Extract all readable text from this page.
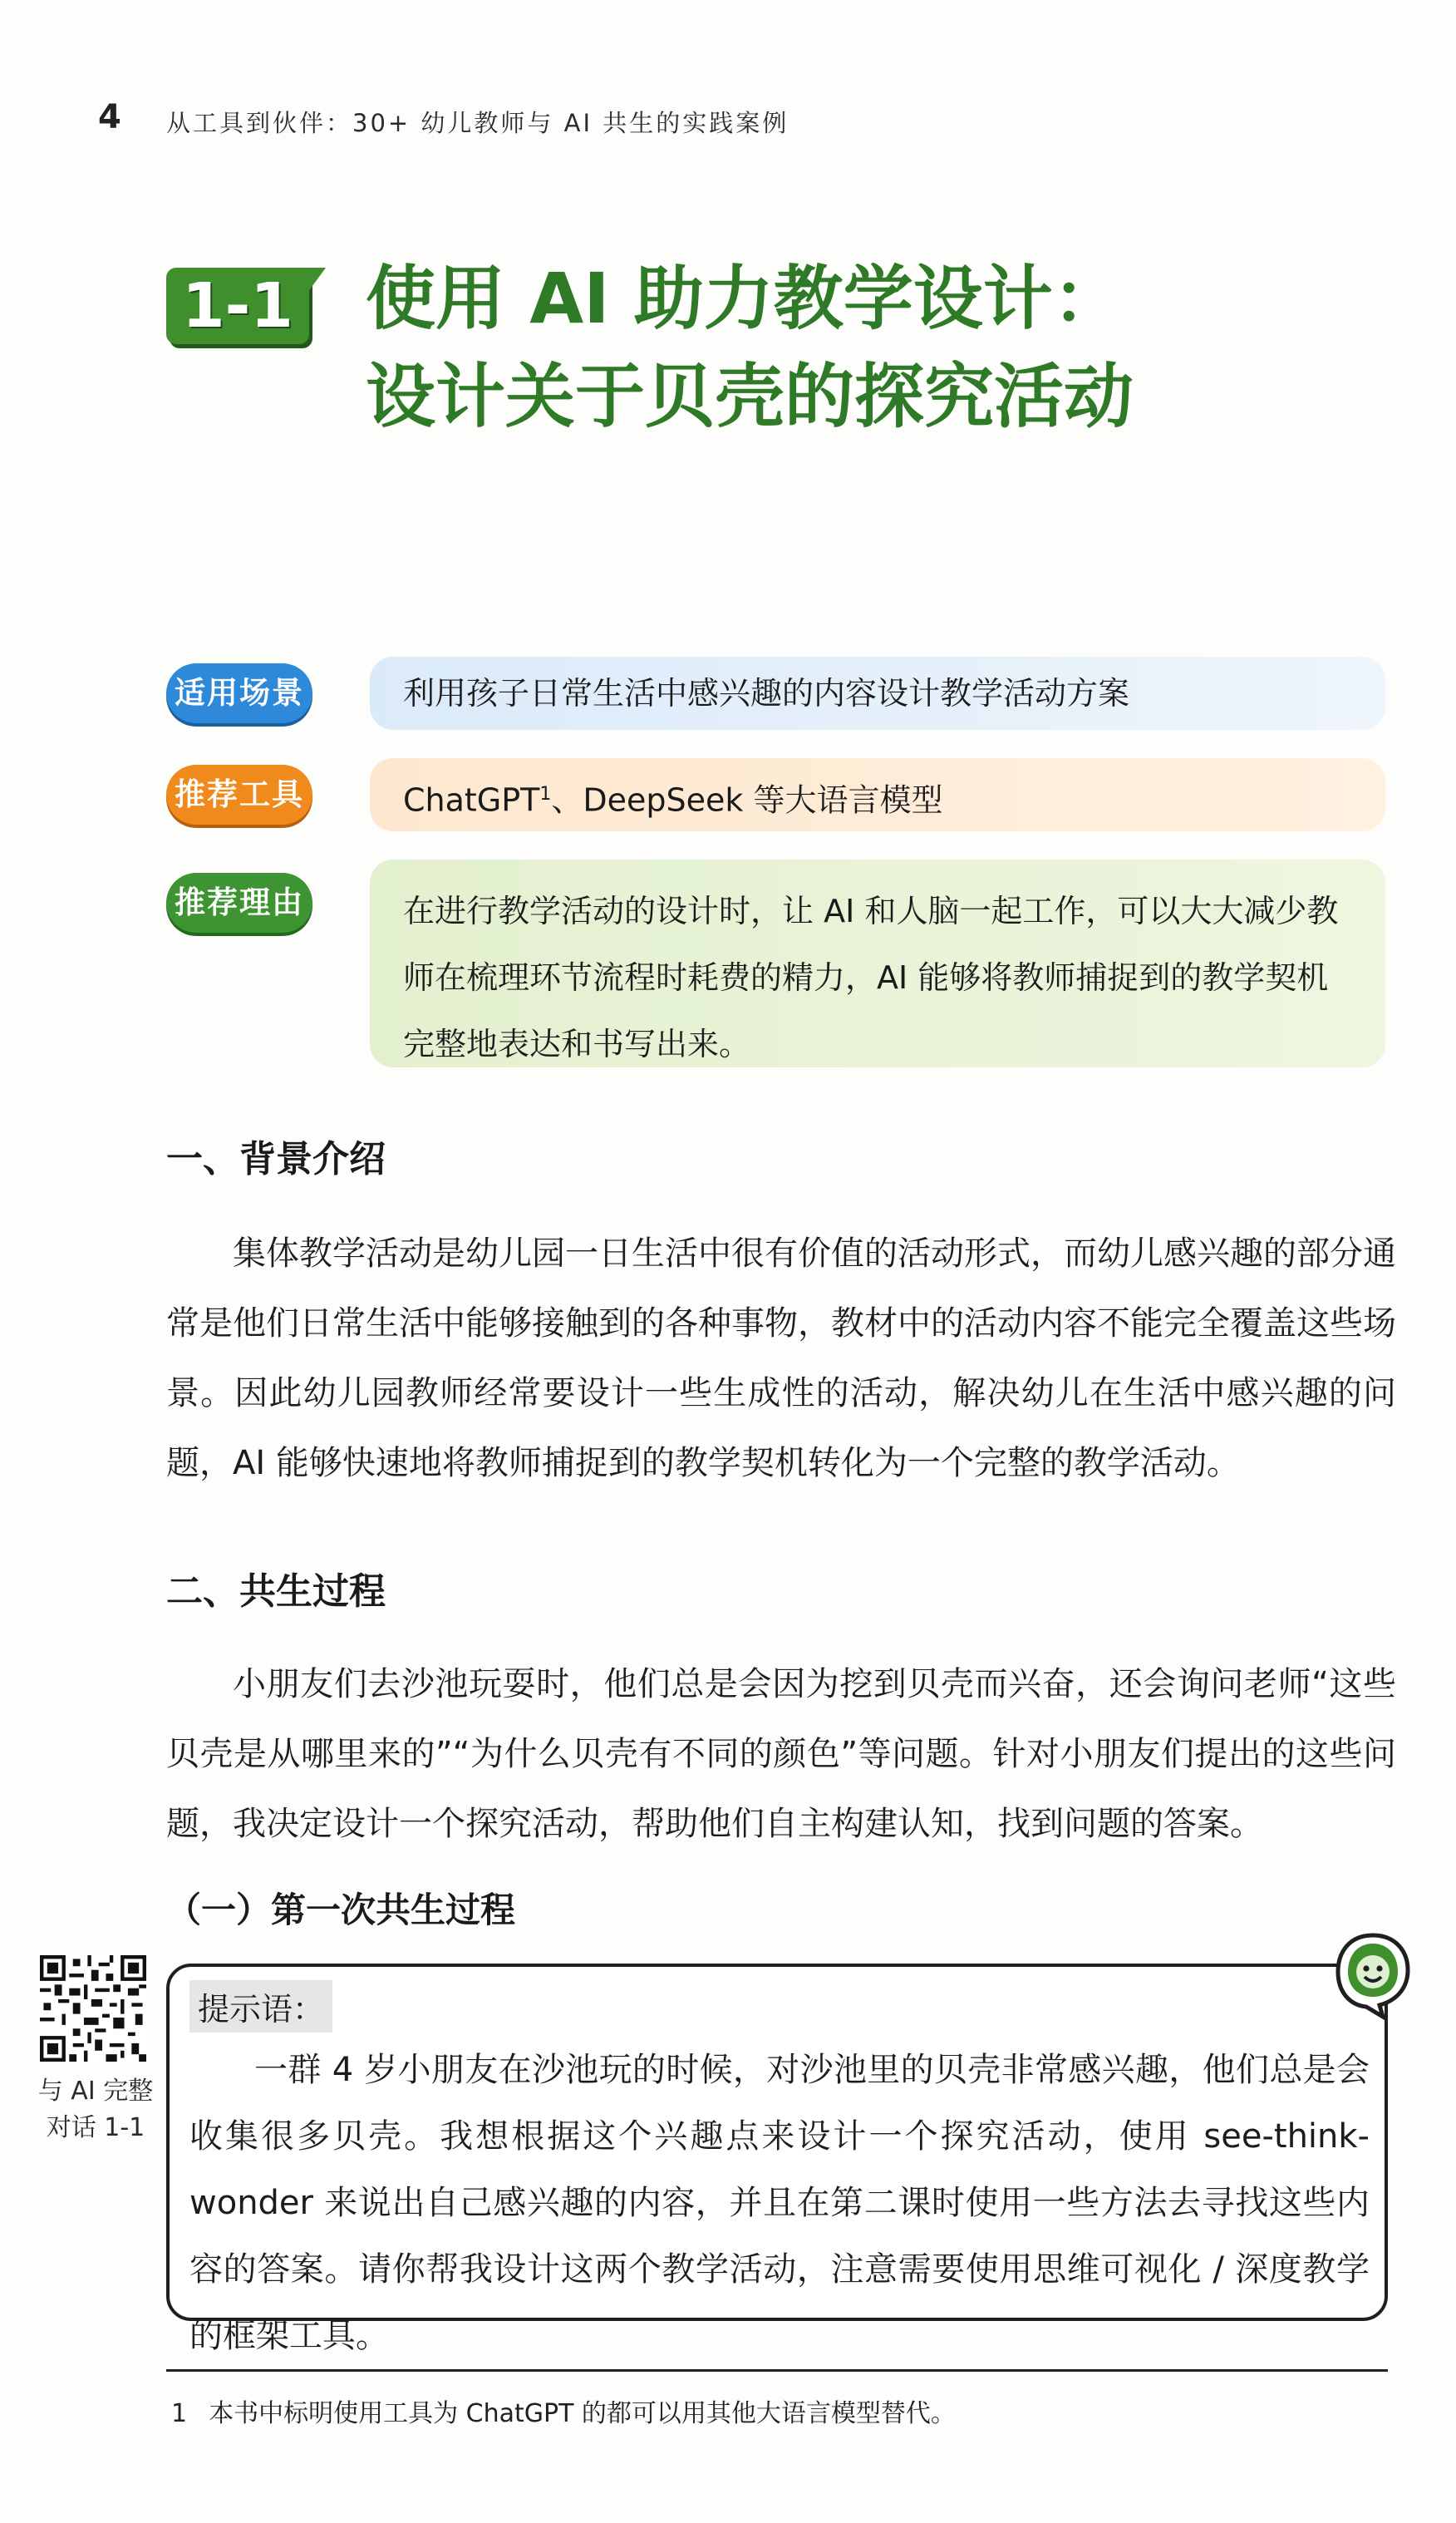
4 从工具到伙伴：30+ 幼儿教师与 AI 共生的实践案例
1-1 使用 AI 助力教学设计：
设计关于贝壳的探究活动
适用场景	利用孩子日常生活中感兴趣的内容设计教学活动方案
推荐工具	ChatGPT$^1$、DeepSeek 等大语言模型
推荐理由	在进行教学活动的设计时，让 AI 和人脑一起工作，可以大大减少教师在梳理环节流程时耗费的精力，AI 能够将教师捕捉到的教学契机完整地表达和书写出来。
一、背景介绍
集体教学活动是幼儿园一日生活中很有价值的活动形式，而幼儿感兴趣的部分通常是他们日常生活中能够接触到的各种事物，教材中的活动内容不能完全覆盖这些场景。因此幼儿园教师经常要设计一些生成性的活动，解决幼儿在生活中感兴趣的问题，AI 能够快速地将教师捕捉到的教学契机转化为一个完整的教学活动。
二、共生过程
小朋友们去沙池玩耍时，他们总是会因为挖到贝壳而兴奋，还会询问老师“这些贝壳是从哪里来的”“为什么贝壳有不同的颜色”等问题。针对小朋友们提出的这些问题，我决定设计一个探究活动，帮助他们自主构建认知，找到问题的答案。
（一）第一次共生过程
与 AI 完整
对话 1-1
提示语：
一群 4 岁小朋友在沙池玩的时候，对沙池里的贝壳非常感兴趣，他们总是会收集很多贝壳。我想根据这个兴趣点来设计一个探究活动，使用 see-think-wonder 来说出自己感兴趣的内容，并且在第二课时使用一些方法去寻找这些内容的答案。请你帮我设计这两个教学活动，注意需要使用思维可视化 / 深度教学的框架工具。
1 本书中标明使用工具为 ChatGPT 的都可以用其他大语言模型替代。
